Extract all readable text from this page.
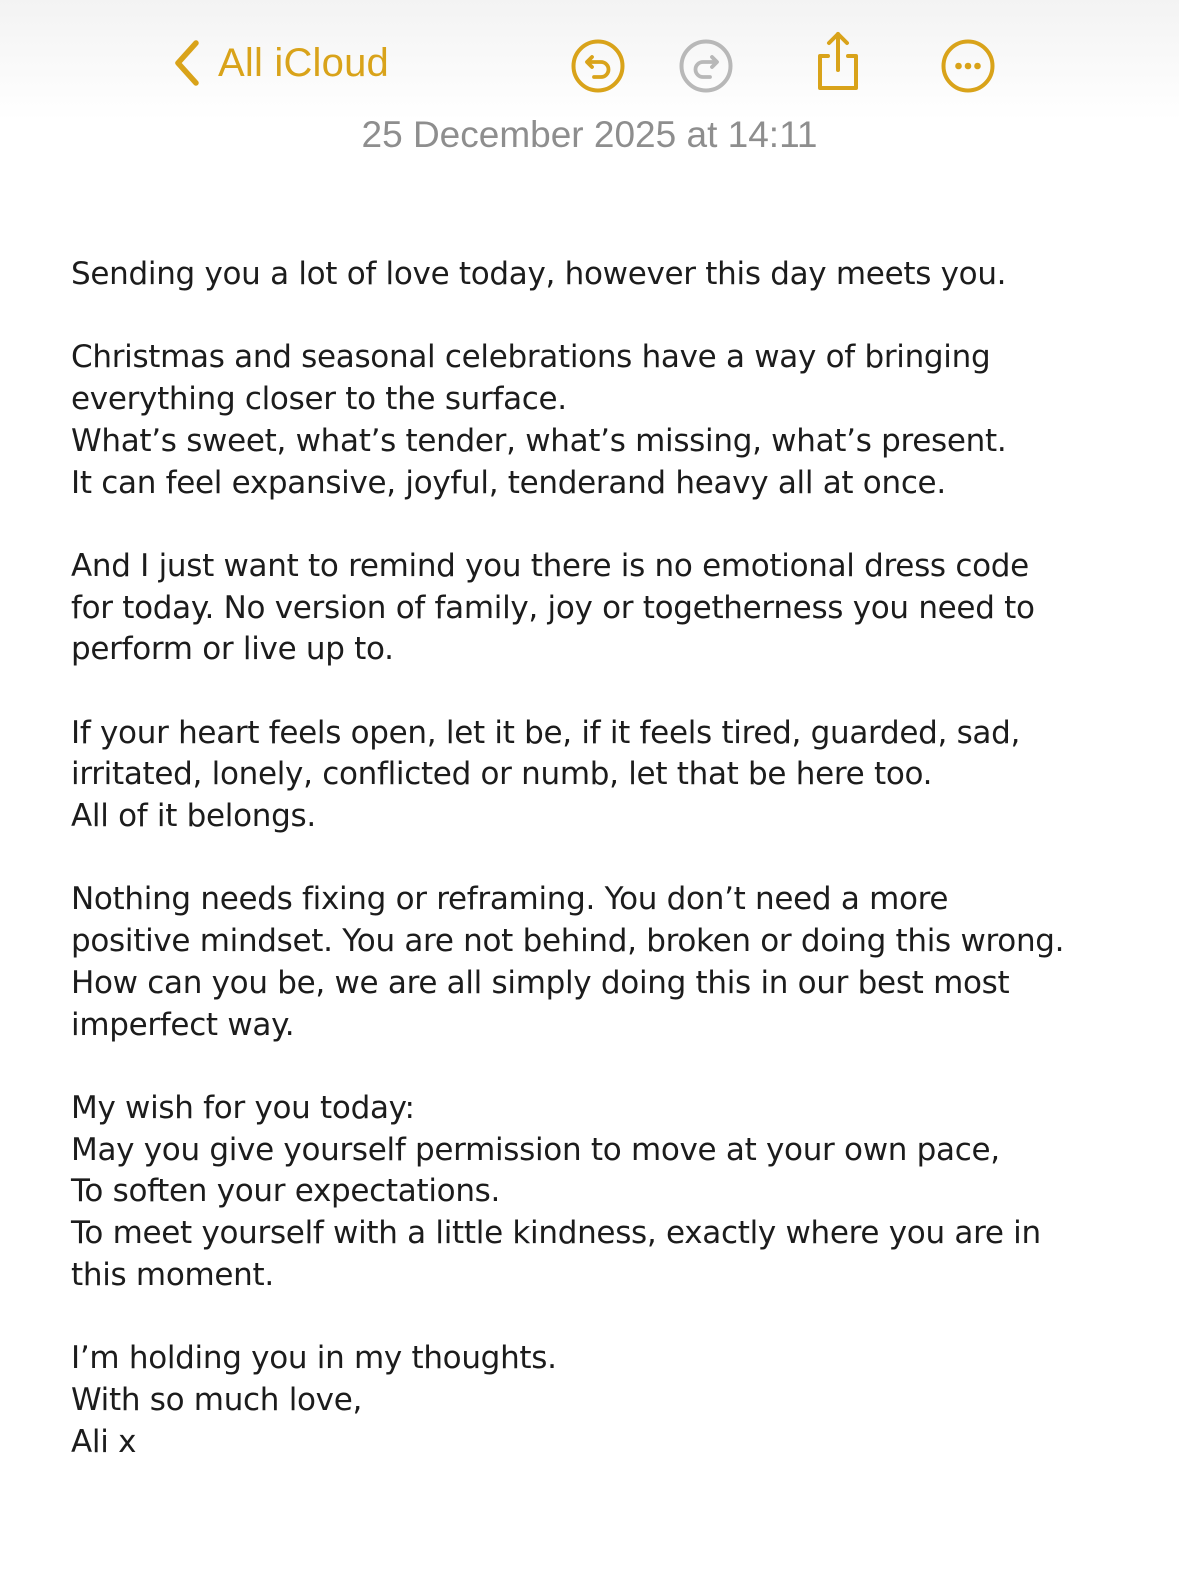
All iCloud
25 December 2025 at 14:11

Sending you a lot of love today, however this day meets you.

Christmas and seasonal celebrations have a way of bringing
everything closer to the surface.
What’s sweet, what’s tender, what’s missing, what’s present.
It can feel expansive, joyful, tenderand heavy all at once.

And I just want to remind you there is no emotional dress code
for today. No version of family, joy or togetherness you need to
perform or live up to.

If your heart feels open, let it be, if it feels tired, guarded, sad,
irritated, lonely, conflicted or numb, let that be here too.
All of it belongs.

Nothing needs fixing or reframing. You don’t need a more
positive mindset. You are not behind, broken or doing this wrong.
How can you be, we are all simply doing this in our best most
imperfect way.

My wish for you today:
May you give yourself permission to move at your own pace,
To soften your expectations.
To meet yourself with a little kindness, exactly where you are in
this moment.

I’m holding you in my thoughts.
With so much love,
Ali x
